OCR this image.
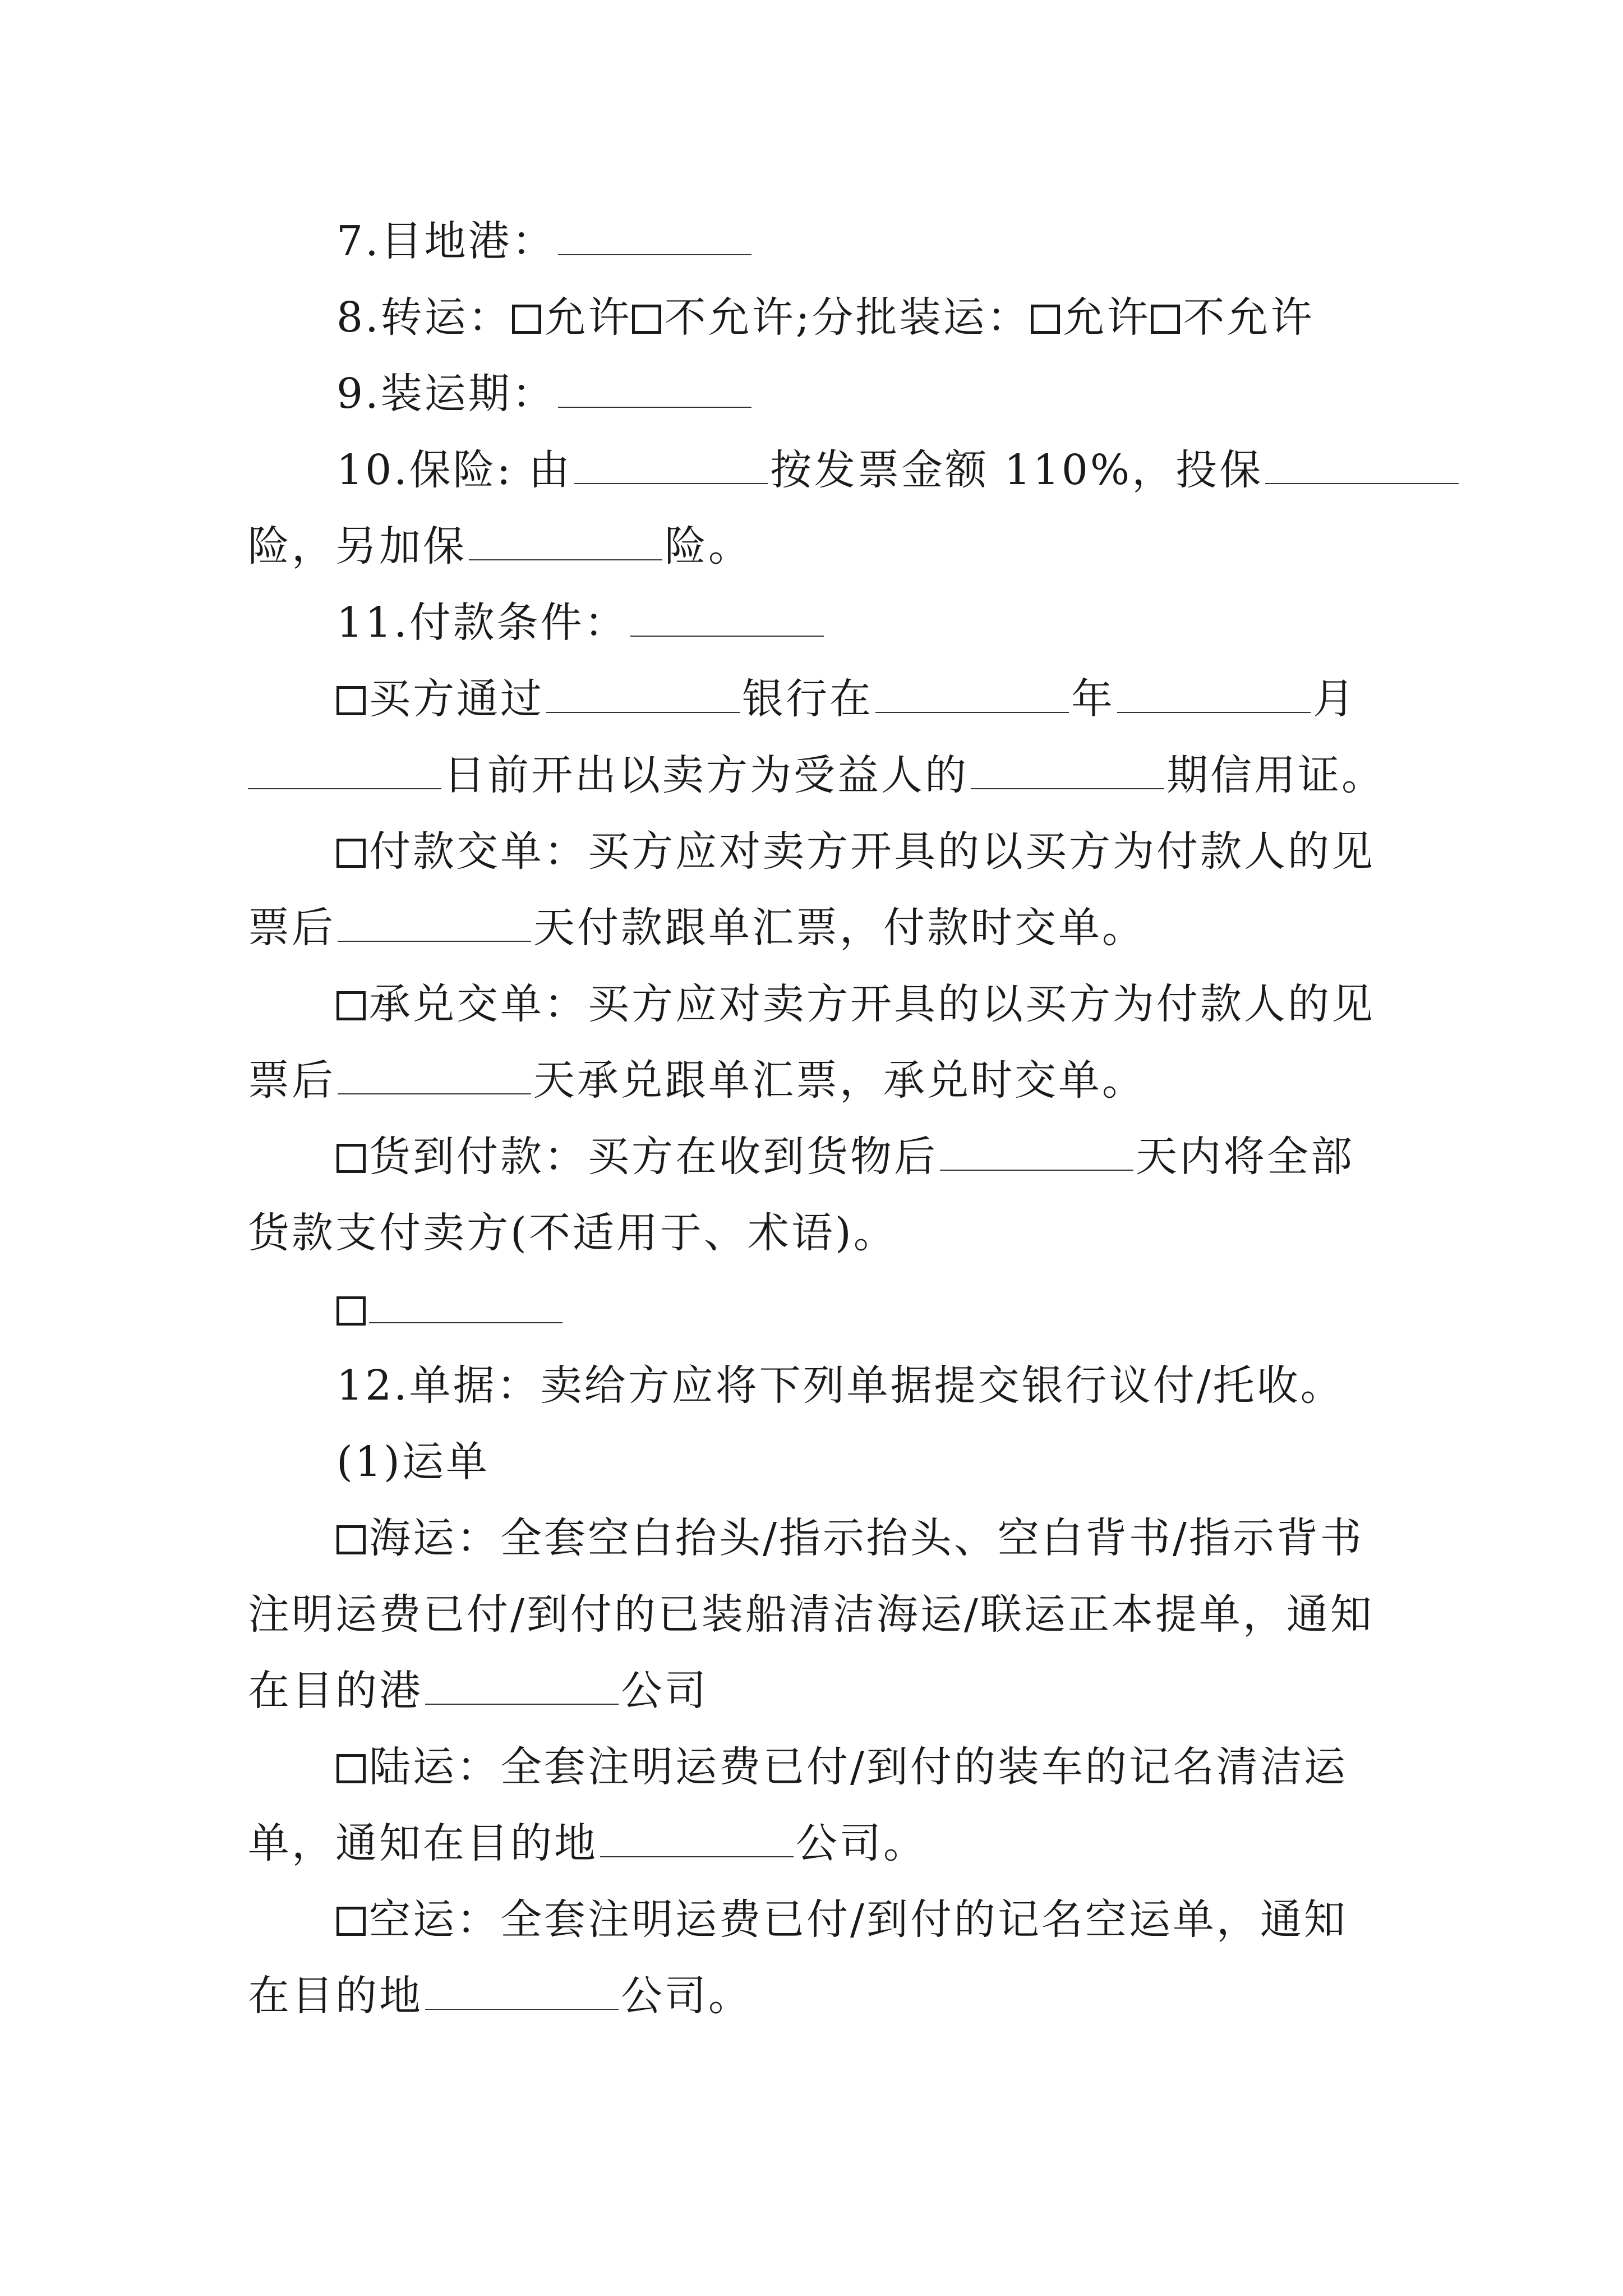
7.目地港：
8.转运： 允许 不允许;分批装运： 允许 不允许
9.装运期：
10.保险: 由	按发票金额 110%，投保
险，另加保	险。
11.付款条件：
买方通过	银行在	年	月
日前开出以卖方为受益人的	期信用证。
付款交单：买方应对卖方开具的以买方为付款人的见
票后	天付款跟单汇票，付款时交单。
承兑交单：买方应对卖方开具的以买方为付款人的见
票后	天承兑跟单汇票，承兑时交单。
货到付款：买方在收到货物后	天内将全部
货款支付卖方(不适用于、术语)。
12.单据：卖给方应将下列单据提交银行议付/托收。
(1)运单
海运：全套空白抬头/指示抬头、空白背书/指示背书
注明运费已付/到付的已装船清洁海运/联运正本提单，通知
在目的港	公司
陆运：全套注明运费已付/到付的装车的记名清洁运
单，通知在目的地	公司。
空运：全套注明运费已付/到付的记名空运单，通知
在目的地	公司。
